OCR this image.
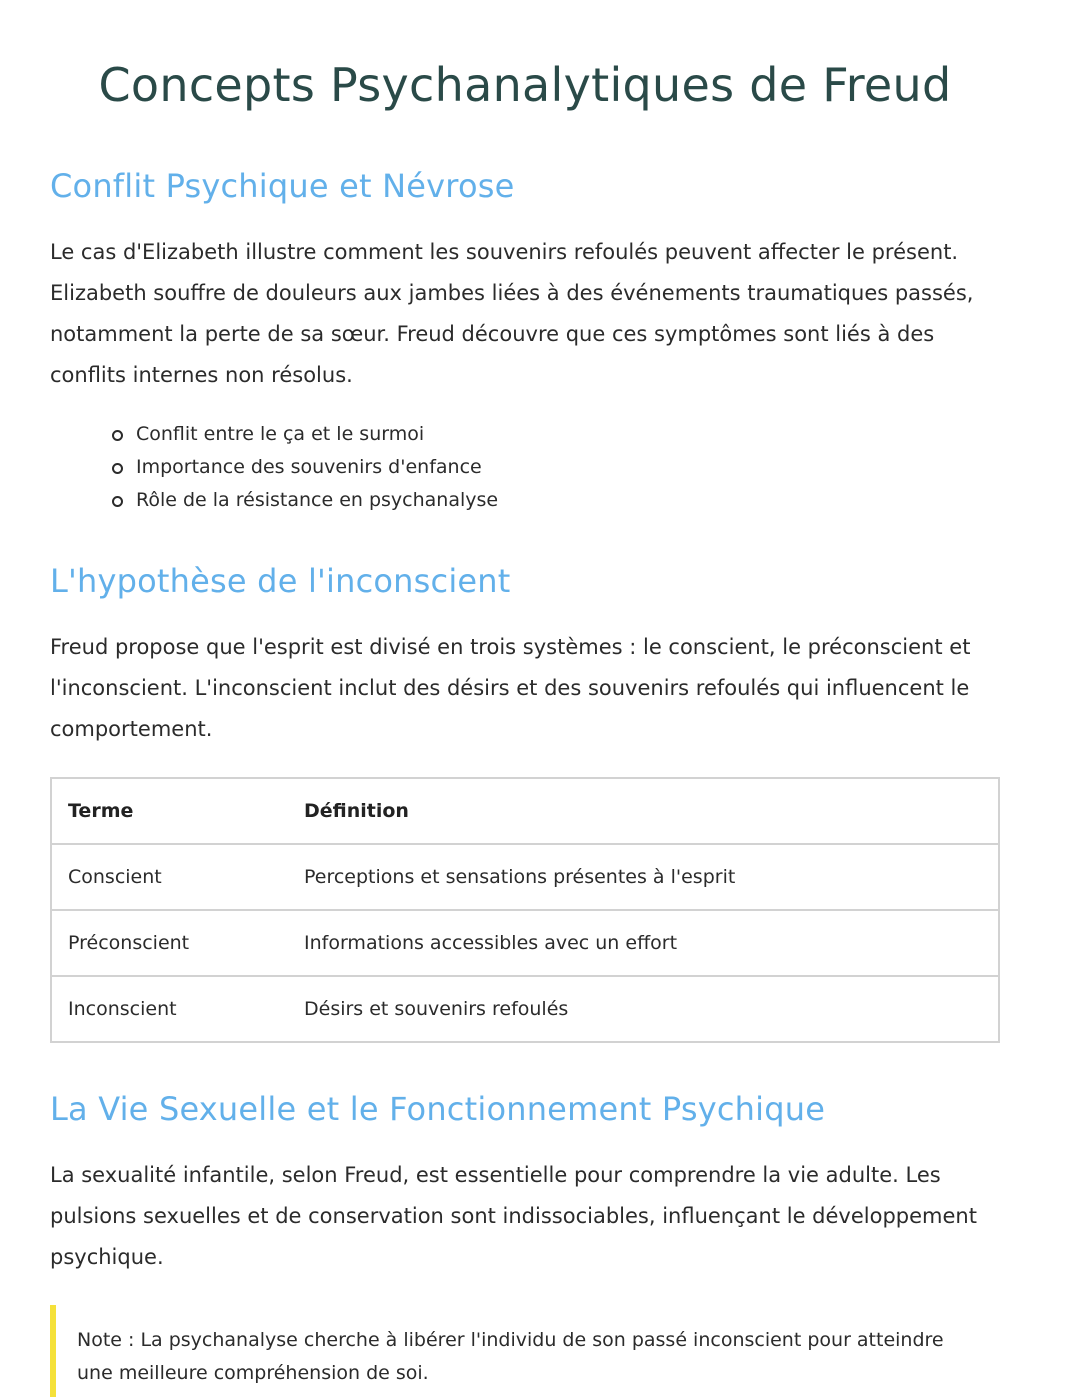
Concepts Psychanalytiques de Freud
Conflit Psychique et Névrose

Le cas d'Elizabeth illustre comment les souvenirs refoulés peuvent affecter le présent. Elizabeth souffre de douleurs aux jambes liées à des événements traumatiques passés, notamment la perte de sa sœur. Freud découvre que ces symptômes sont liés à des conflits internes non résolus.

Conflit entre le ça et le surmoi
Importance des souvenirs d'enfance
Rôle de la résistance en psychanalyse
L'hypothèse de l'inconscient

Freud propose que l'esprit est divisé en trois systèmes : le conscient, le préconscient et l'inconscient. L'inconscient inclut des désirs et des souvenirs refoulés qui influencent le comportement.

Terme	Définition
Conscient	Perceptions et sensations présentes à l'esprit
Préconscient	Informations accessibles avec un effort
Inconscient	Désirs et souvenirs refoulés
La Vie Sexuelle et le Fonctionnement Psychique

La sexualité infantile, selon Freud, est essentielle pour comprendre la vie adulte. Les pulsions sexuelles et de conservation sont indissociables, influençant le développement psychique.

Note : La psychanalyse cherche à libérer l'individu de son passé inconscient pour atteindre une meilleure compréhension de soi.
